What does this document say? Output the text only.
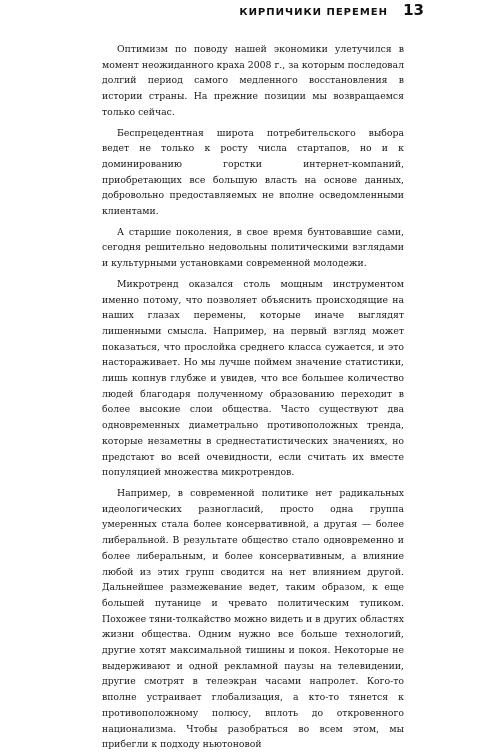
КИРПИЧИКИ ПЕРЕМЕН 13

Оптимизм по поводу нашей экономики улетучился в момент неожиданного краха 2008 г., за которым последовал долгий период самого медленного восстановления в истории страны. На прежние позиции мы возвращаемся только сейчас.

Беспрецедентная широта потребительского выбора ведет не только к росту числа стартапов, но и к доминированию горстки интернет-компаний, приобретающих все большую власть на основе данных, добровольно предоставляемых не вполне осведомленными клиентами.

А старшие поколения, в свое время бунтовавшие сами, сегодня решительно недовольны политическими взглядами и культурными установками современной молодежи.

Микротренд оказался столь мощным инструментом именно потому, что позволяет объяснить происходящие на наших глазах перемены, которые иначе выглядят лишенными смысла. Например, на первый взгляд может показаться, что прослойка среднего класса сужается, и это настораживает. Но мы лучше поймем значение статистики, лишь копнув глубже и увидев, что все большее количество людей благодаря полученному образованию переходит в более высокие слои общества. Часто существуют два одновременных диаметрально противоположных тренда, которые незаметны в среднестатистических значениях, но предстают во всей очевидности, если считать их вместе популяцией множества микротрендов.

Например, в современной политике нет радикальных идеологических разногласий, просто одна группа умеренных стала более консервативной, а другая — более либеральной. В результате общество стало одновременно и более либеральным, и более консервативным, а влияние любой из этих групп сводится на нет влиянием другой. Дальнейшее размежевание ведет, таким образом, к еще большей путанице и чревато политическим тупиком. Похожее тяни-толкайство можно видеть и в других областях жизни общества. Одним нужно все больше технологий, другие хотят максимальной тишины и покоя. Некоторые не выдерживают и одной рекламной паузы на телевидении, другие смотрят в телеэкран часами напролет. Кого-то вполне устраивает глобализация, а кто-то тянется к противоположному полюсу, вплоть до откровенного национализма. Чтобы разобраться во всем этом, мы прибегли к подходу ньютоновой
